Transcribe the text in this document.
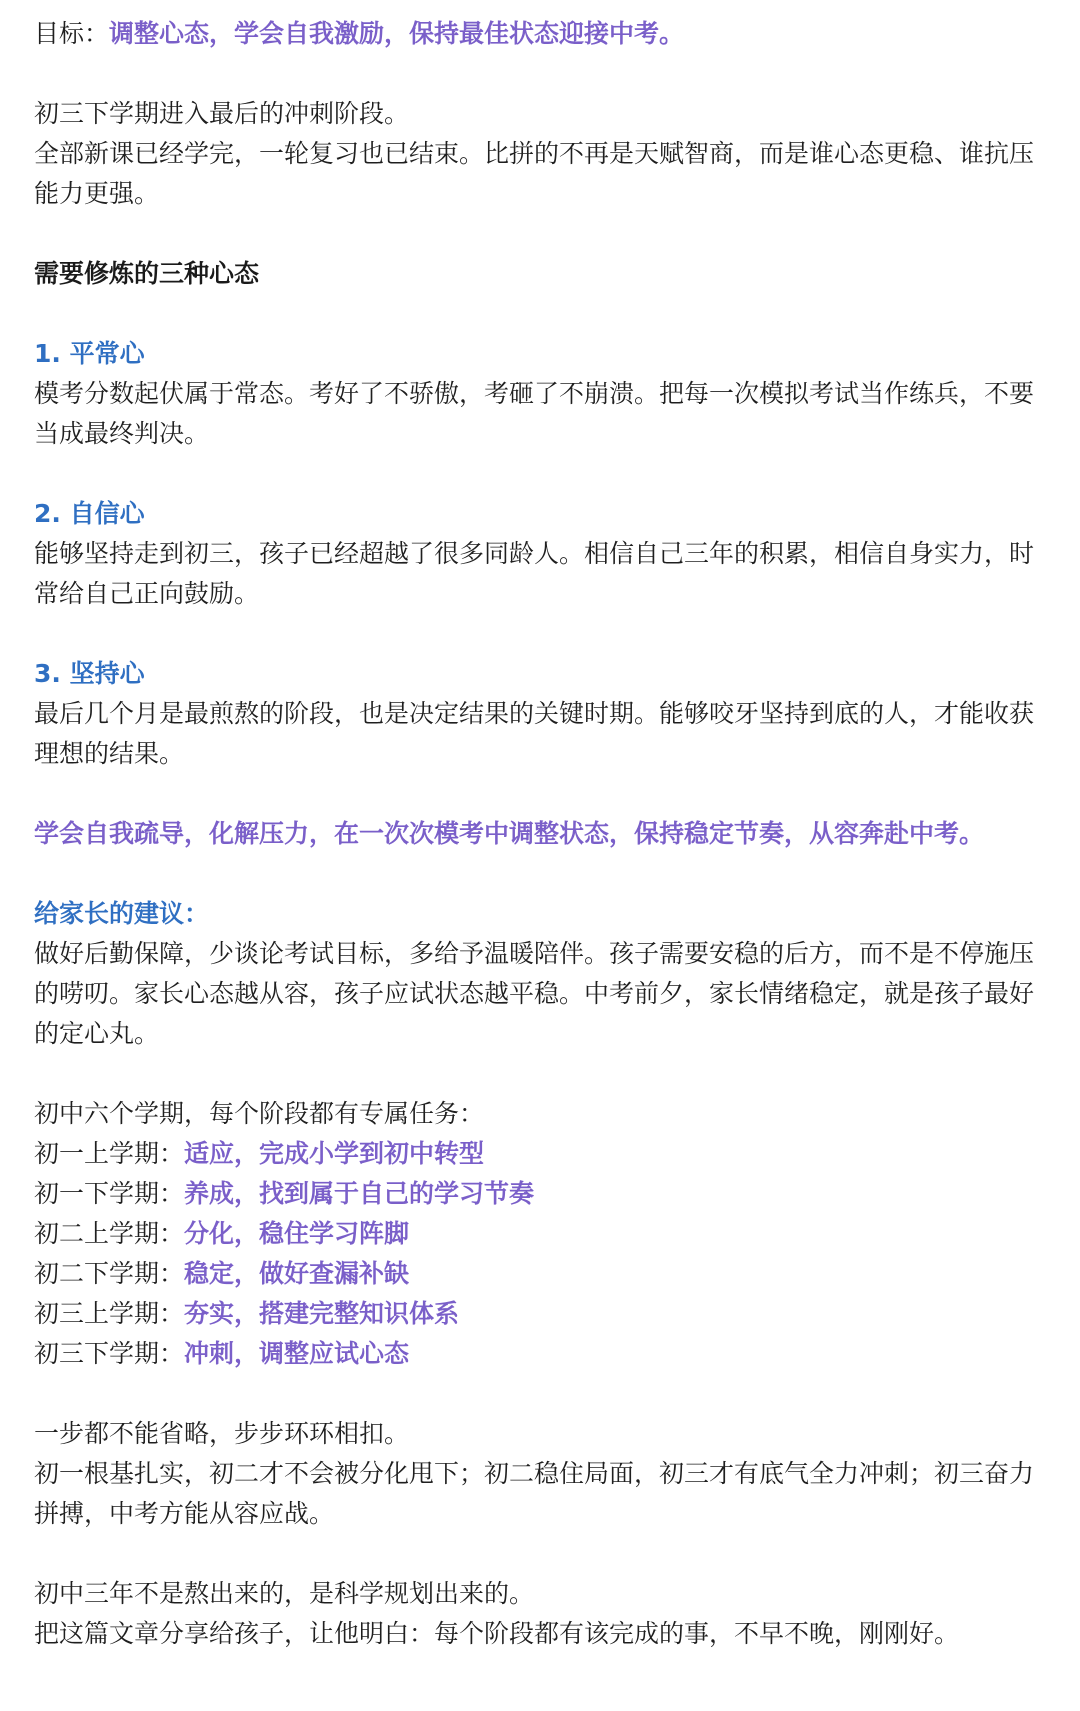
目标：调整心态，学会自我激励，保持最佳状态迎接中考。

初三下学期进入最后的冲刺阶段。

全部新课已经学完，一轮复习也已结束。比拼的不再是天赋智商，而是谁心态更稳、谁抗压能力更强。

需要修炼的三种心态

1. 平常心

模考分数起伏属于常态。考好了不骄傲，考砸了不崩溃。把每一次模拟考试当作练兵，不要当成最终判决。

2. 自信心

能够坚持走到初三，孩子已经超越了很多同龄人。相信自己三年的积累，相信自身实力，时常给自己正向鼓励。

3. 坚持心

最后几个月是最煎熬的阶段，也是决定结果的关键时期。能够咬牙坚持到底的人，才能收获理想的结果。

学会自我疏导，化解压力，在一次次模考中调整状态，保持稳定节奏，从容奔赴中考。

给家长的建议：

做好后勤保障，少谈论考试目标，多给予温暖陪伴。孩子需要安稳的后方，而不是不停施压的唠叨。家长心态越从容，孩子应试状态越平稳。中考前夕，家长情绪稳定，就是孩子最好的定心丸。

初中六个学期，每个阶段都有专属任务：

初一上学期：适应，完成小学到初中转型

初一下学期：养成，找到属于自己的学习节奏

初二上学期：分化，稳住学习阵脚

初二下学期：稳定，做好查漏补缺

初三上学期：夯实，搭建完整知识体系

初三下学期：冲刺，调整应试心态

一步都不能省略，步步环环相扣。

初一根基扎实，初二才不会被分化甩下；初二稳住局面，初三才有底气全力冲刺；初三奋力拼搏，中考方能从容应战。

初中三年不是熬出来的，是科学规划出来的。

把这篇文章分享给孩子，让他明白：每个阶段都有该完成的事，不早不晚，刚刚好。
